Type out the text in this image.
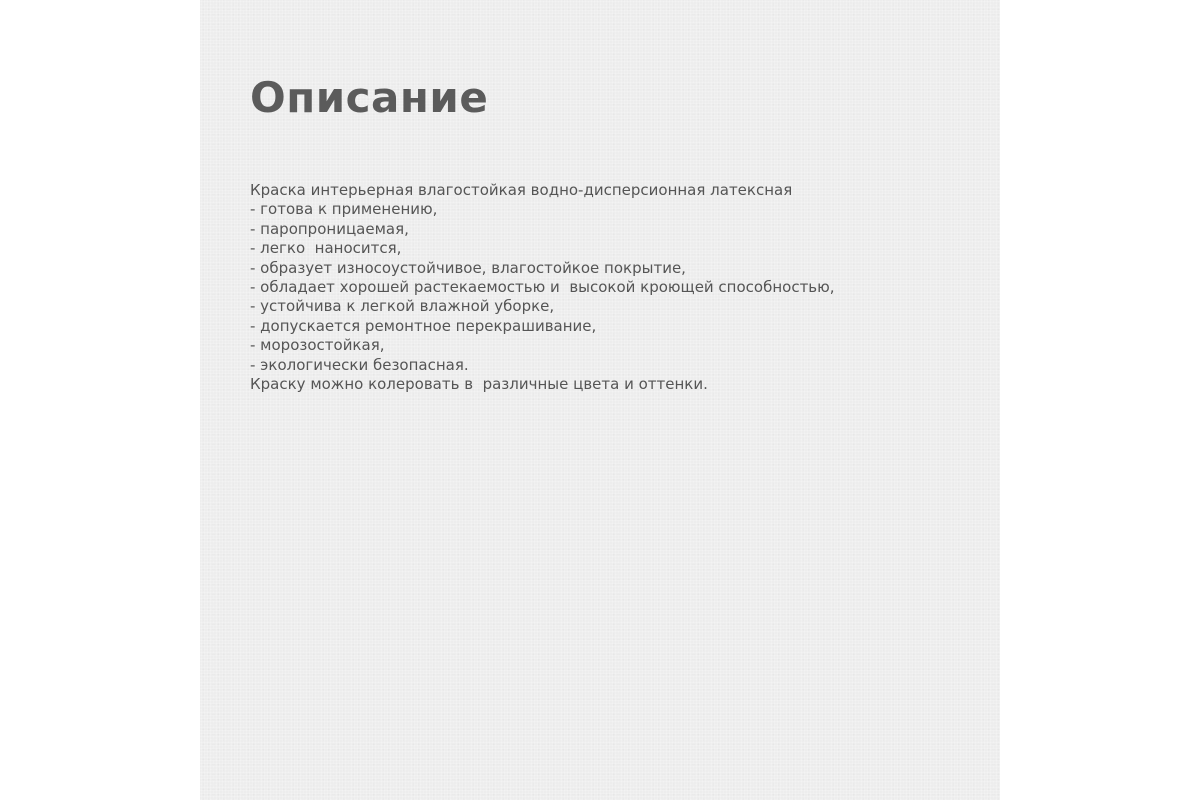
Описание
Краска интерьерная влагостойкая водно-дисперсионная латексная
- готова к применению,
- паропроницаемая,
- легко  наносится,
- образует износоустойчивое, влагостойкое покрытие,
- обладает хорошей растекаемостью и  высокой кроющей способностью,
- устойчива к легкой влажной уборке,
- допускается ремонтное перекрашивание,
- морозостойкая,
- экологически безопасная.
Краску можно колеровать в  различные цвета и оттенки.
